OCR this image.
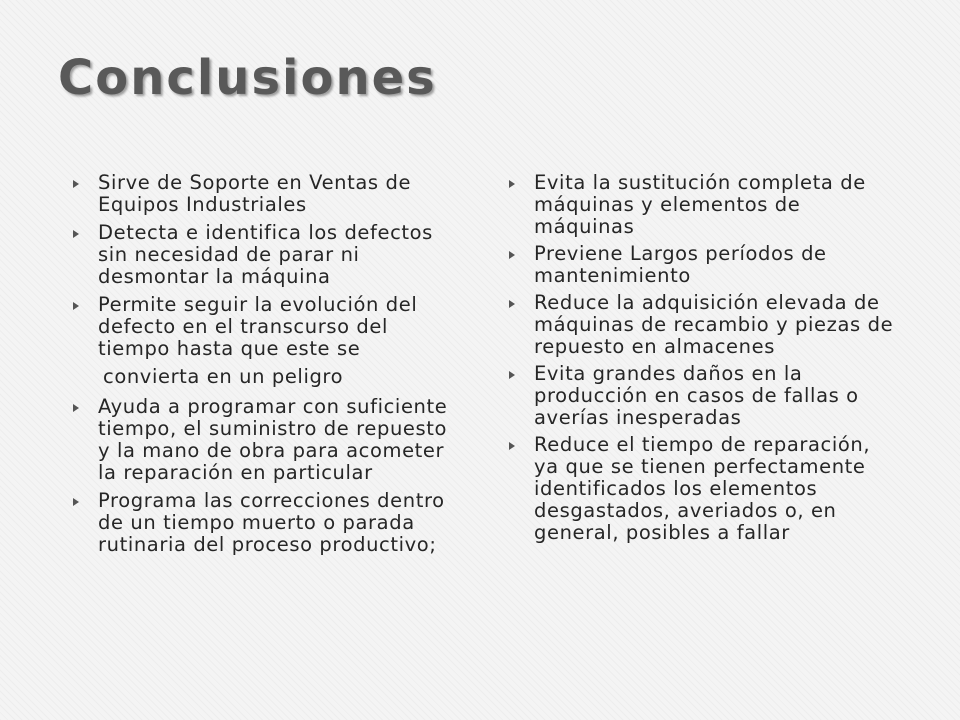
Conclusiones
Sirve de Soporte en Ventas de Equipos Industriales
Detecta e identifica los defectos sin necesidad de parar ni desmontar la máquina
Permite seguir la evolución del defecto en el transcurso del tiempo hasta que este se
convierta en un peligro
Ayuda a programar con suficiente tiempo, el suministro de repuesto y la mano de obra para acometer la reparación en particular
Programa las correcciones dentro de un tiempo muerto o parada rutinaria del proceso productivo;
Evita la sustitución completa de máquinas y elementos de máquinas
Previene Largos períodos de mantenimiento
Reduce la adquisición elevada de máquinas de recambio y piezas de repuesto en almacenes
Evita grandes daños en la producción en casos de fallas o averías inesperadas
Reduce el tiempo de reparación, ya que se tienen perfectamente identificados los elementos desgastados, averiados o, en general, posibles a fallar
